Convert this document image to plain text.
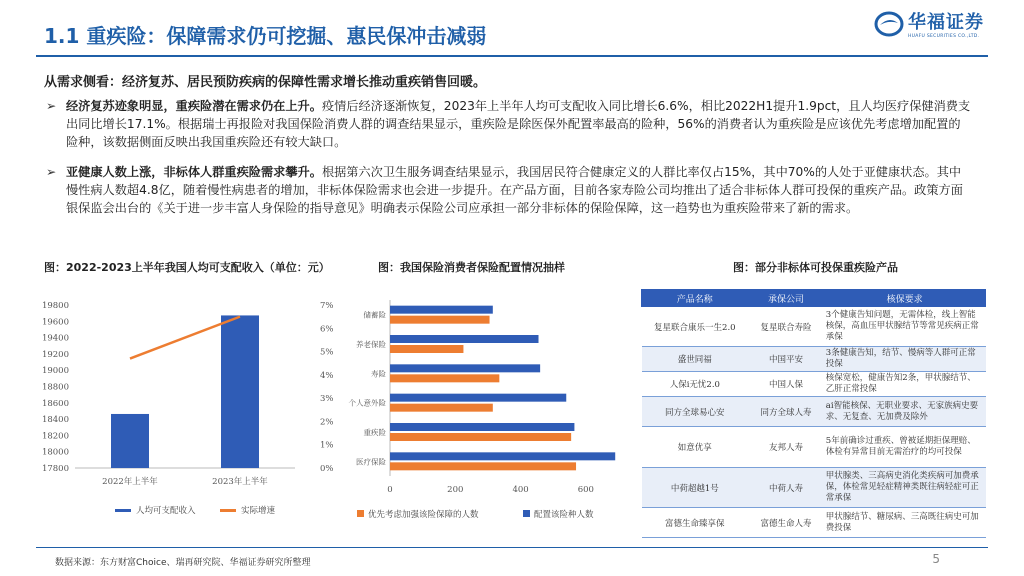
1.1 重疾险：保障需求仍可挖掘、惠民保冲击减弱
华福证券
HUAFU SECURITIES CO.,LTD.
从需求侧看：经济复苏、居民预防疾病的保障性需求增长推动重疾销售回暖。
➢ 经济复苏迹象明显，重疾险潜在需求仍在上升。疫情后经济逐渐恢复，2023年上半年人均可支配收入同比增长6.6%，相比2022H1提升1.9pct，且人均医疗保健消费支出同比增长17.1%。根据瑞士再报险对我国保险消费人群的调查结果显示，重疾险是除医保外配置率最高的险种，56%的消费者认为重疾险是应该优先考虑增加配置的险种，该数据侧面反映出我国重疾险还有较大缺口。
➢ 亚健康人数上涨，非标体人群重疾险需求攀升。根据第六次卫生服务调查结果显示，我国居民符合健康定义的人群比率仅占15%，其中70%的人处于亚健康状态。其中慢性病人数超4.8亿，随着慢性病患者的增加，非标体保险需求也会进一步提升。在产品方面，目前各家寿险公司均推出了适合非标体人群可投保的重疾产品。政策方面银保监会出台的《关于进一步丰富人身保险的指导意见》明确表示保险公司应承担一部分非标体的保险保障，这一趋势也为重疾险带来了新的需求。
图：2022-2023上半年我国人均可支配收入（单位：元）	图：我国保险消费者保险配置情况抽样	图：部分非标体可投保重疾险产品
17800
18000
18200
18400
18600
18800
19000
19200
19400
19600
19800
0%
1%
2%
3%
4%
5%
6%
7%
2022年上半年	2023年上半年
人均可支配收入	实际增速
0	200	400	600
医疗保险
重疾险
个人意外险
寿险
养老保险
储蓄险
优先考虑加强该险保障的人数	配置该险种人数
产品名称	承保公司	核保要求
复星联合康乐一生2.0	复星联合寿险	3个健康告知问题，无需体检，线上智能核保，高血压甲状腺结节等常见疾病正常承保
盛世同福	中国平安	3条健康告知，结节、慢病等人群可正常投保
人保i无忧2.0	中国人保	核保宽松，健康告知2条，甲状腺结节、乙肝正常投保
同方全球易心安	同方全球人寿	ai智能核保、无职业要求、无家族病史要求、无复查、无加费及除外
如意优享	友邦人寿	5年前确诊过重疾、曾被延期拒保理赔、体检有异常目前无需治疗的均可投保
中荷超越1号	中荷人寿	甲状腺类、三高病史消化类疾病可加费承保，体检常见轻症精神类既往病轻症可正常承保
富德生命臻享保	富德生命人寿	甲状腺结节、糖尿病、三高既往病史可加费投保
数据来源：东方财富Choice、瑞再研究院、华福证券研究所整理	5
